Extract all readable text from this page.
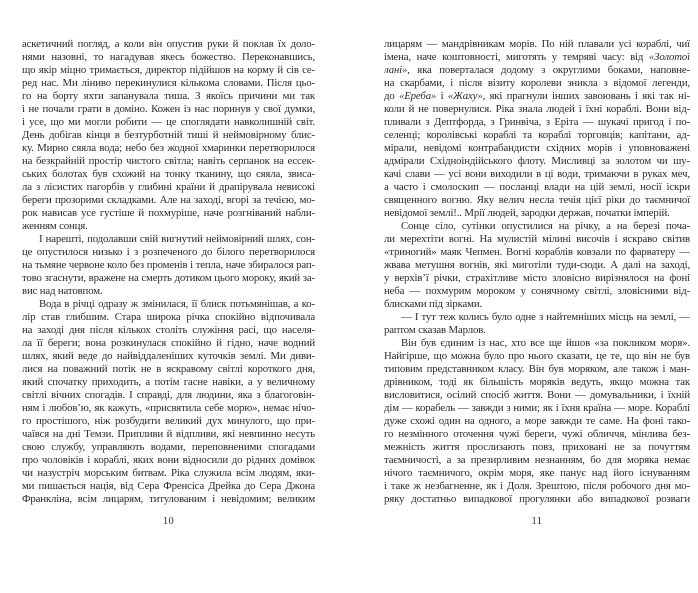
аскетичний погляд, а коли він опустив руки й поклав їх доло-
нями назовні, то нагадував якесь божество. Переконавшись,
що якір міцно тримається, директор підійшов на корму й сів се-
ред нас. Ми ліниво перекинулися кількома словами. Після цьо-
го на борту яхти запанувала тиша. З якоїсь причини ми так
і не почали грати в доміно. Кожен із нас поринув у свої думки,
і усе, що ми могли робити — це споглядати навколишній світ.
День добігав кінця в безтурботній тиші й неймовірному блис-
ку. Мирно сяяла вода; небо без жодної хмаринки перетворилося
на безкрайній простір чистого світла; навіть серпанок на ессек-
ських болотах був схожий на тонку тканину, що сяяла, звиса-
ла з лісистих пагорбів у глибині країни й драпірувала невисокі
береги прозорими складками. Але на заході, вгорі за течією, мо-
рок нависав усе густіше й похмуріше, наче розгніваний набли-
женням сонця.
І нарешті, подолавши свій вигнутий неймовірний шлях, сон-
це опустилося низько і з розпеченого до білого перетворилося
на тьмяне червоне коло без променів і тепла, наче збиралося рап-
тово згаснути, вражене на смерть дотиком цього мороку, який за-
вис над натовпом.
Вода в річці одразу ж змінилася, її блиск потьмянішав, а ко-
лір став глибшим. Стара широка річка спокійно відпочивала
на заході дня після кількох століть служіння расі, що населя-
ла її береги; вона розкинулася спокійно й гідно, наче водний
шлях, який веде до найвіддаленіших куточків землі. Ми диви-
лися на поважний потік не в яскравому світлі короткого дня,
який спочатку приходить, а потім гасне навіки, а у величному
світлі вічних спогадів. І справді, для людини, яка з благоговін-
ням і любов’ю, як кажуть, «присвятила себе морю», немає нічо-
го простішого, ніж розбудити великий дух минулого, що при-
чаївся на дні Темзи. Припливи й відпливи, які невпинно несуть
свою службу, управляють водами, переповненими спогадами
про чоловіків і кораблі, яких вони відносили до рідних домівок
чи назустріч морським битвам. Ріка служила всім людям, яки-
ми пишається нація, від Сера Френсіса Дрейка до Сера Джона
Франкліна, всім лицарям, титулованим і невідомим; великим
10
лицарям — мандрівникам морів. По ній плавали усі кораблі, чиї
імена, наче коштовності, миготять у темряві часу: від «Золотої
лані», яка поверталася додому з округлими боками, наповне-
на скарбами, і після візиту королеви зникла з відомої легенди,
до «Ереба» і «Жаху», які прагнули інших завоювань і які так ні-
коли й не повернулися. Ріка знала людей і їхні кораблі. Вони від-
пливали з Дептфорда, з Гринвіча, з Еріта — шукачі пригод і по-
селенці; королівські кораблі та кораблі торговців; капітани, ад-
мірали, невідомі контрабандисти східних морів і уповноважені
адмірали Східноіндійського флоту. Мисливці за золотом чи шу-
качі слави — усі вони виходили в ці води, тримаючи в руках меч,
а часто і смолоскип — посланці влади на цій землі, носії іскри
священного вогню. Яку велич несла течія цієї ріки до таємничої
невідомої землі!.. Мрії людей, зародки держав, початки імперій.
Сонце сіло, сутінки опустилися на річку, а на березі поча-
ли мерехтіти вогні. На мулистій мілині височів і яскраво світив
«триногий» маяк Чепмен. Вогні кораблів ковзали по фарватеру —
жвава метушня вогнів, які миготіли туди-сюди. А далі на заході,
у верхів’ї річки, страхітливе місто зловісно вирізнялося на фоні
неба — похмурим мороком у сонячному світлі, зловісними від-
блисками під зірками.
— І тут теж колись було одне з найтемніших місць на землі, —
раптом сказав Марлов.
Він був єдиним із нас, хто все ще йшов «за покликом моря».
Найгірше, що можна було про нього сказати, це те, що він не був
типовим представником класу. Він був моряком, але також і ман-
дрівником, тоді як більшість моряків ведуть, якщо можна так
висловитися, осілий спосіб життя. Вони — домувальники, і їхній
дім — корабель — завжди з ними; як і їхня країна — море. Кораблі
дуже схожі один на одного, а море завжди те саме. На фоні тако-
го незмінного оточення чужі береги, чужі обличчя, мінлива без-
межність життя прослизають повз, приховані не за почуттям
таємничості, а за презирливим незнанням, бо для моряка немає
нічого таємничого, окрім моря, яке панує над його існуванням
і таке ж незбагненне, як і Доля. Зрештою, після робочого дня мо-
ряку достатньо випадкової прогулянки або випадкової розваги
11
